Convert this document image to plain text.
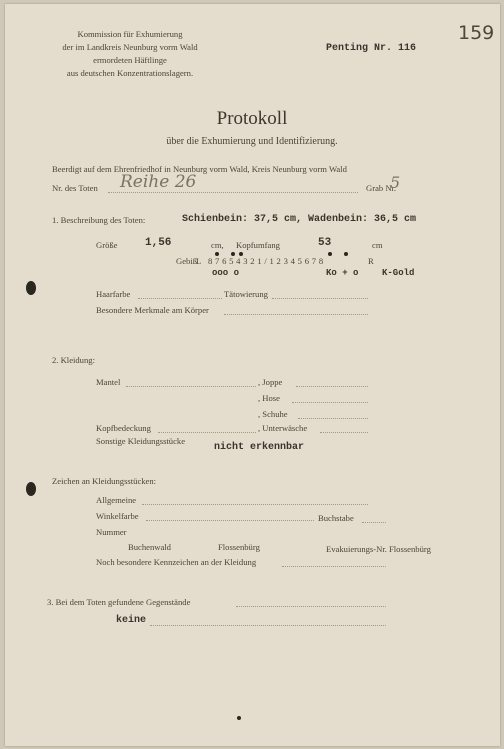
Kommission für Exhumierung
der im Landkreis Neunburg vorm Wald
ermordeten Häftlinge
aus deutschen Konzentrationslagern.
Penting Nr. 116
159
Protokoll
über die Exhumierung und Identifizierung.
Beerdigt auf dem Ehrenfriedhof in Neunburg vorm Wald, Kreis Neunburg vorm Wald
Nr. des Toten Reihe 26	Grab Nr.
5
1. Beschreibung des Toten:	Schienbein: 37,5 cm, Wadenbein: 36,5 cm
Größe	1,56	cm, Kopfumfang	53	cm
Gebiß
L 8 7 6 5 4 3 2 1 / 1 2 3 4 5 6 7 8	R
ooo o	Ko + o	K-Gold
Haarfarbe	Tätowierung
Besondere Merkmale am Körper
2. Kleidung:
Mantel	, Joppe
, Hose
, Schuhe
Kopfbedeckung	, Unterwäsche
Sonstige Kleidungsstücke
nicht erkennbar
Zeichen an Kleidungsstücken:
Allgemeine
Winkelfarbe	Buchstabe
Nummer
Buchenwald	Flossenbürg	Evakuierungs-Nr. Flossenbürg
Noch besondere Kennzeichen an der Kleidung
3. Bei dem Toten gefundene Gegenstände
keine
